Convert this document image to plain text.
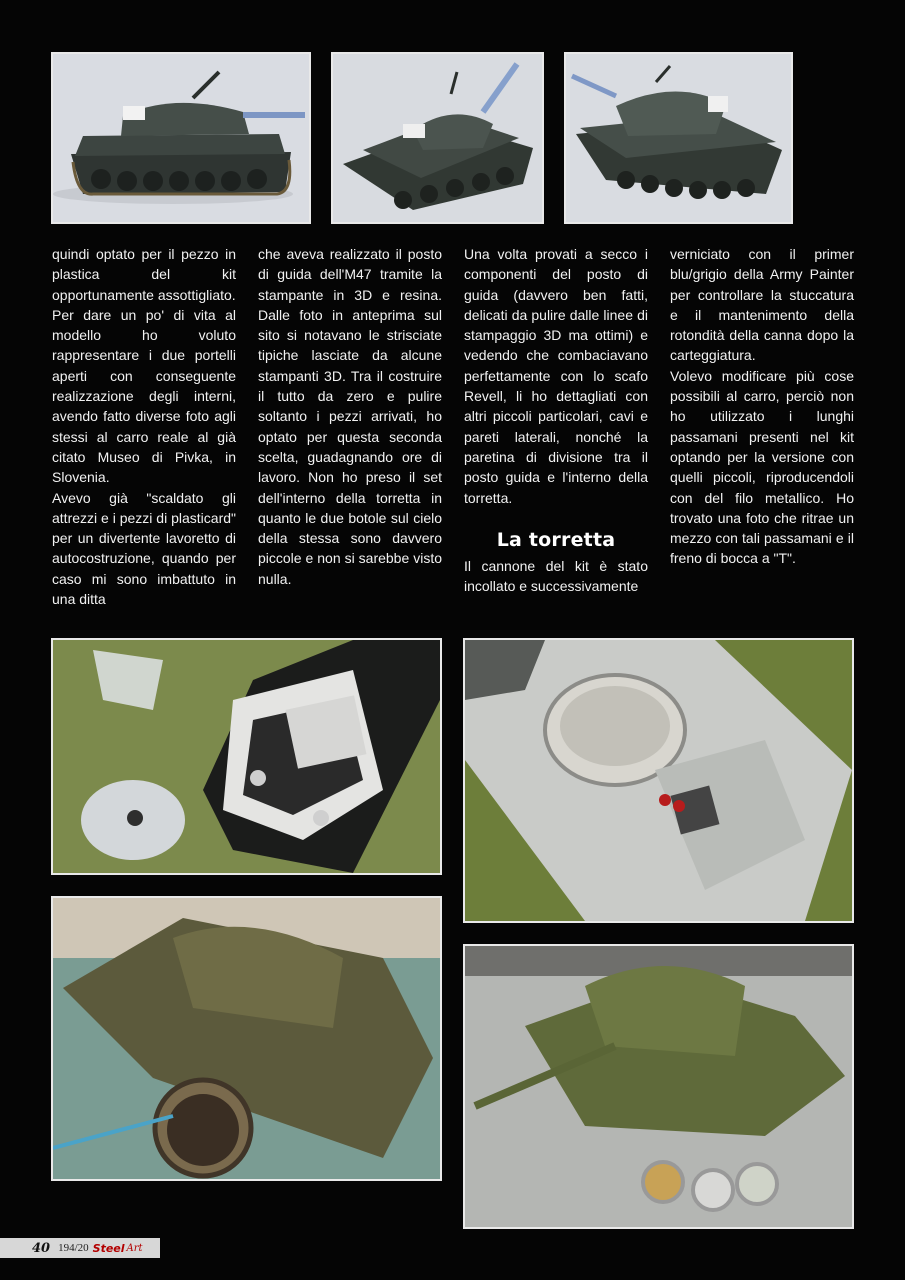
quindi optato per il pezzo in plastica del kit opportunamente assottigliato.

Per dare un po' di vita al modello ho voluto rappresentare i due portelli aperti con conseguente realizzazione degli interni, avendo fatto diverse foto agli stessi al carro reale al già citato Museo di Pivka, in Slovenia.

Avevo già "scaldato gli attrezzi e i pezzi di plasticard" per un divertente lavoretto di autocostruzione, quando per caso mi sono imbattuto in una ditta

che aveva realizzato il posto di guida dell'M47 tramite la stampante in 3D e resina. Dalle foto in anteprima sul sito si notavano le strisciate tipiche lasciate da alcune stampanti 3D. Tra il costruire il tutto da zero e pulire soltanto i pezzi arrivati, ho optato per questa seconda scelta, guadagnando ore di lavoro. Non ho preso il set dell'interno della torretta in quanto le due botole sul cielo della stessa sono davvero piccole e non si sarebbe visto nulla.

Una volta provati a secco i componenti del posto di guida (davvero ben fatti, delicati da pulire dalle linee di stampaggio 3D ma ottimi) e vedendo che combaciavano perfettamente con lo scafo Revell, li ho dettagliati con altri piccoli particolari, cavi e pareti laterali, nonché la paretina di divisione tra il posto guida e l'interno della torretta.

La torretta

Il cannone del kit è stato incollato e successivamente

verniciato con il primer blu/grigio della Army Painter per controllare la stuccatura e il mantenimento della rotondità della canna dopo la carteggiatura.

Volevo modificare più cose possibili al carro, perciò non ho utilizzato i lunghi passamani presenti nel kit optando per la versione con quelli piccoli, riproducendoli con del filo metallico. Ho trovato una foto che ritrae un mezzo con tali passamani e il freno di bocca a "T".

40 194/20 Steel Art
